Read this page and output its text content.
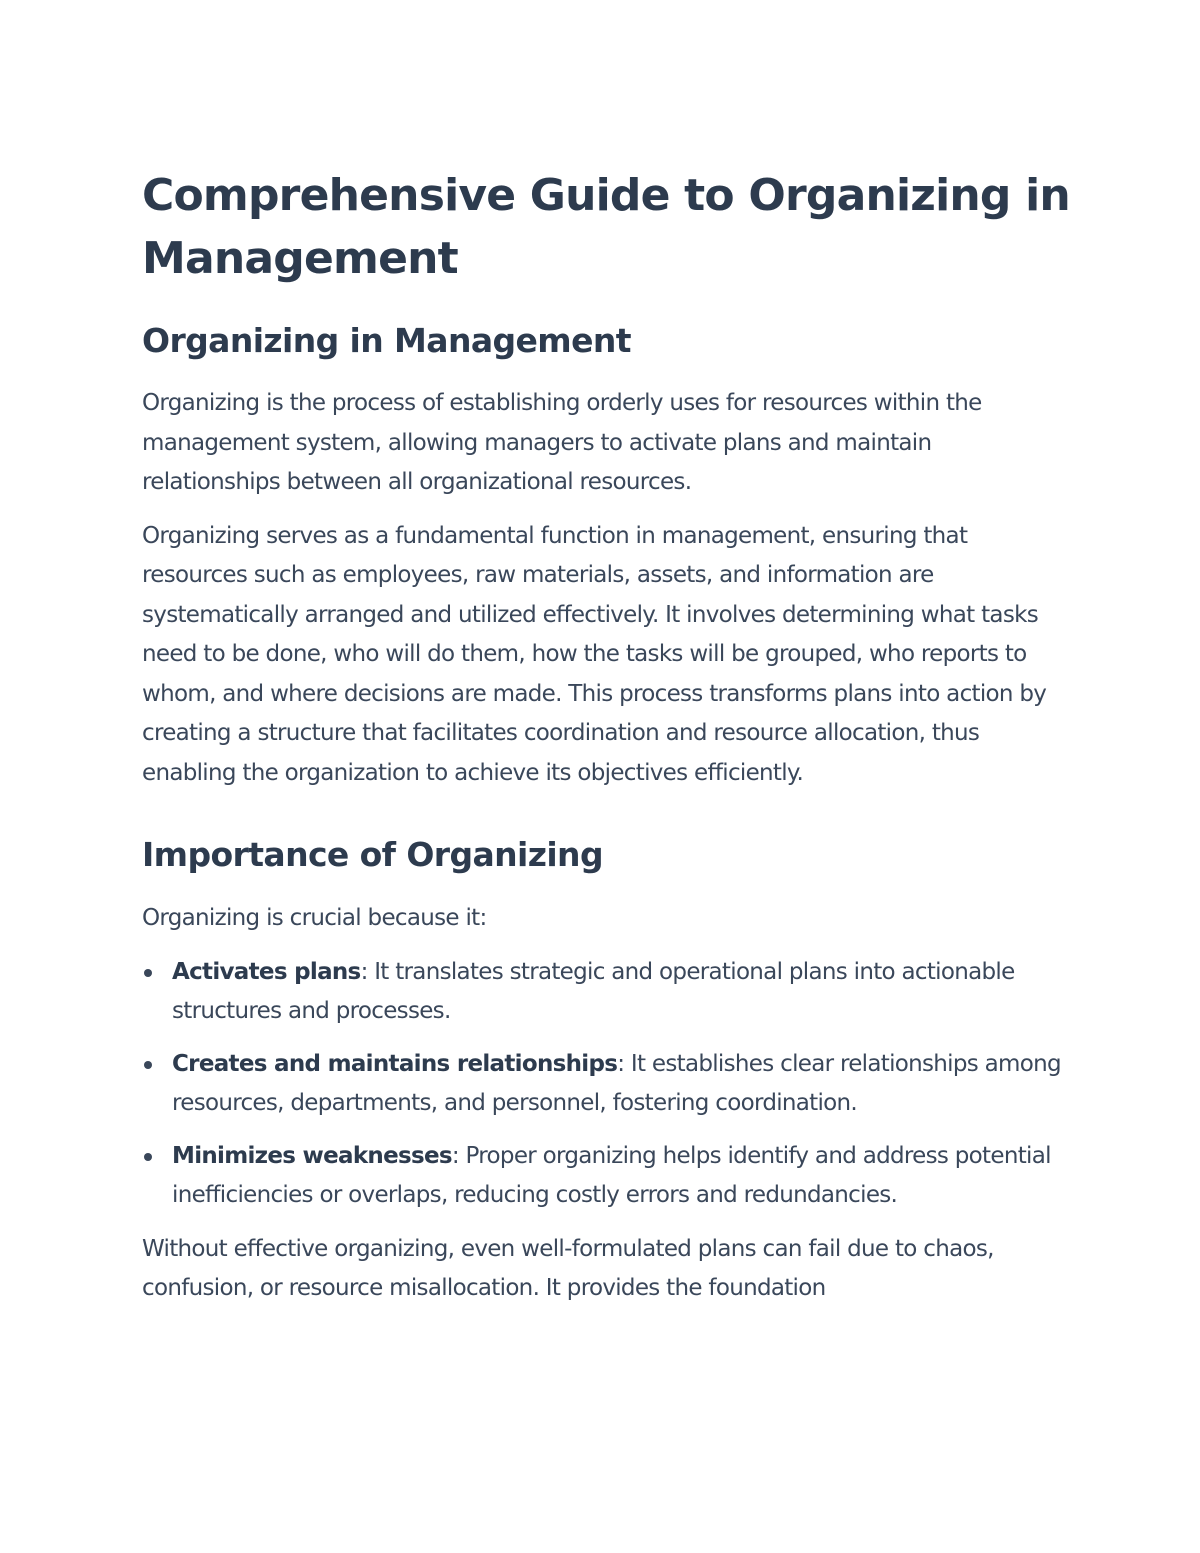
Comprehensive Guide to Organizing in Management
Organizing in Management

Organizing is the process of establishing orderly uses for resources within the management system, allowing managers to activate plans and maintain relationships between all organizational resources.

Organizing serves as a fundamental function in management, ensuring that resources such as employees, raw materials, assets, and information are systematically arranged and utilized effectively. It involves determining what tasks need to be done, who will do them, how the tasks will be grouped, who reports to whom, and where decisions are made. This process transforms plans into action by creating a structure that facilitates coordination and resource allocation, thus enabling the organization to achieve its objectives efficiently.

Importance of Organizing

Organizing is crucial because it:

Activates plans: It translates strategic and operational plans into actionable structures and processes.
Creates and maintains relationships: It establishes clear relationships among resources, departments, and personnel, fostering coordination.
Minimizes weaknesses: Proper organizing helps identify and address potential inefficiencies or overlaps, reducing costly errors and redundancies.

Without effective organizing, even well-formulated plans can fail due to chaos, confusion, or resource misallocation. It provides the foundation
